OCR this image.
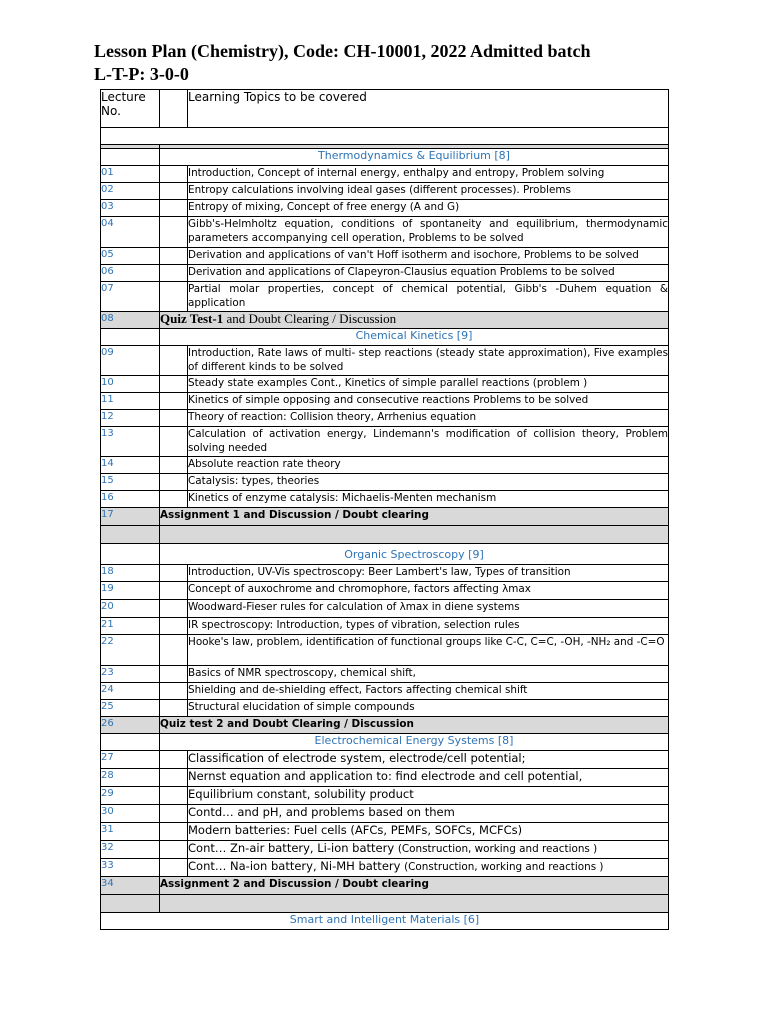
Lesson Plan (Chemistry), Code: CH-10001, 2022 Admitted batch
L-T-P: 3-0-0
Lecture No.		Learning Topics to be covered

	Thermodynamics & Equilibrium [8]	
01		Introduction, Concept of internal energy, enthalpy and entropy, Problem solving
02		Entropy calculations involving ideal gases (different processes). Problems
03		Entropy of mixing, Concept of free energy (A and G)
04		Gibb's-Helmholtz equation, conditions of spontaneity and equilibrium, thermodynamic parameters accompanying cell operation, Problems to be solved
05		Derivation and applications of van't Hoff isotherm and isochore, Problems to be solved
06		Derivation and applications of Clapeyron-Clausius equation Problems to be solved
07		Partial molar properties, concept of chemical potential, Gibb's -Duhem equation & application
08	Quiz Test-1 and Doubt Clearing / Discussion	
	Chemical Kinetics [9]	
09		Introduction, Rate laws of multi- step reactions (steady state approximation), Five examples of different kinds to be solved
10		Steady state examples Cont., Kinetics of simple parallel reactions (problem )
11		Kinetics of simple opposing and consecutive reactions Problems to be solved
12		Theory of reaction: Collision theory, Arrhenius equation
13		Calculation of activation energy, Lindemann's modification of collision theory, Problem solving needed
14		Absolute reaction rate theory
15		Catalysis: types, theories
16		Kinetics of enzyme catalysis: Michaelis-Menten mechanism
17	Assignment 1 and Discussion / Doubt clearing	

	Organic Spectroscopy [9]	
18		Introduction, UV-Vis spectroscopy: Beer Lambert's law, Types of transition
19		Concept of auxochrome and chromophore, factors affecting λmax
20		Woodward-Fieser rules for calculation of λmax in diene systems
21		IR spectroscopy: Introduction, types of vibration, selection rules
22		Hooke's law, problem, identification of functional groups like C-C, C=C, -OH, -NH₂ and -C=O
23		Basics of NMR spectroscopy, chemical shift,
24		Shielding and de-shielding effect, Factors affecting chemical shift
25		Structural elucidation of simple compounds
26	Quiz test 2 and Doubt Clearing / Discussion	
	Electrochemical Energy Systems [8]	
27		Classification of electrode system, electrode/cell potential;
28		Nernst equation and application to: find electrode and cell potential,
29		Equilibrium constant, solubility product
30		Contd… and pH, and problems based on them
31		Modern batteries: Fuel cells (AFCs, PEMFs, SOFCs, MCFCs)
32		Cont… Zn-air battery, Li-ion battery (Construction, working and reactions )
33		Cont… Na-ion battery, Ni-MH battery (Construction, working and reactions )
34	Assignment 2 and Discussion / Doubt clearing	

Smart and Intelligent Materials [6]		
